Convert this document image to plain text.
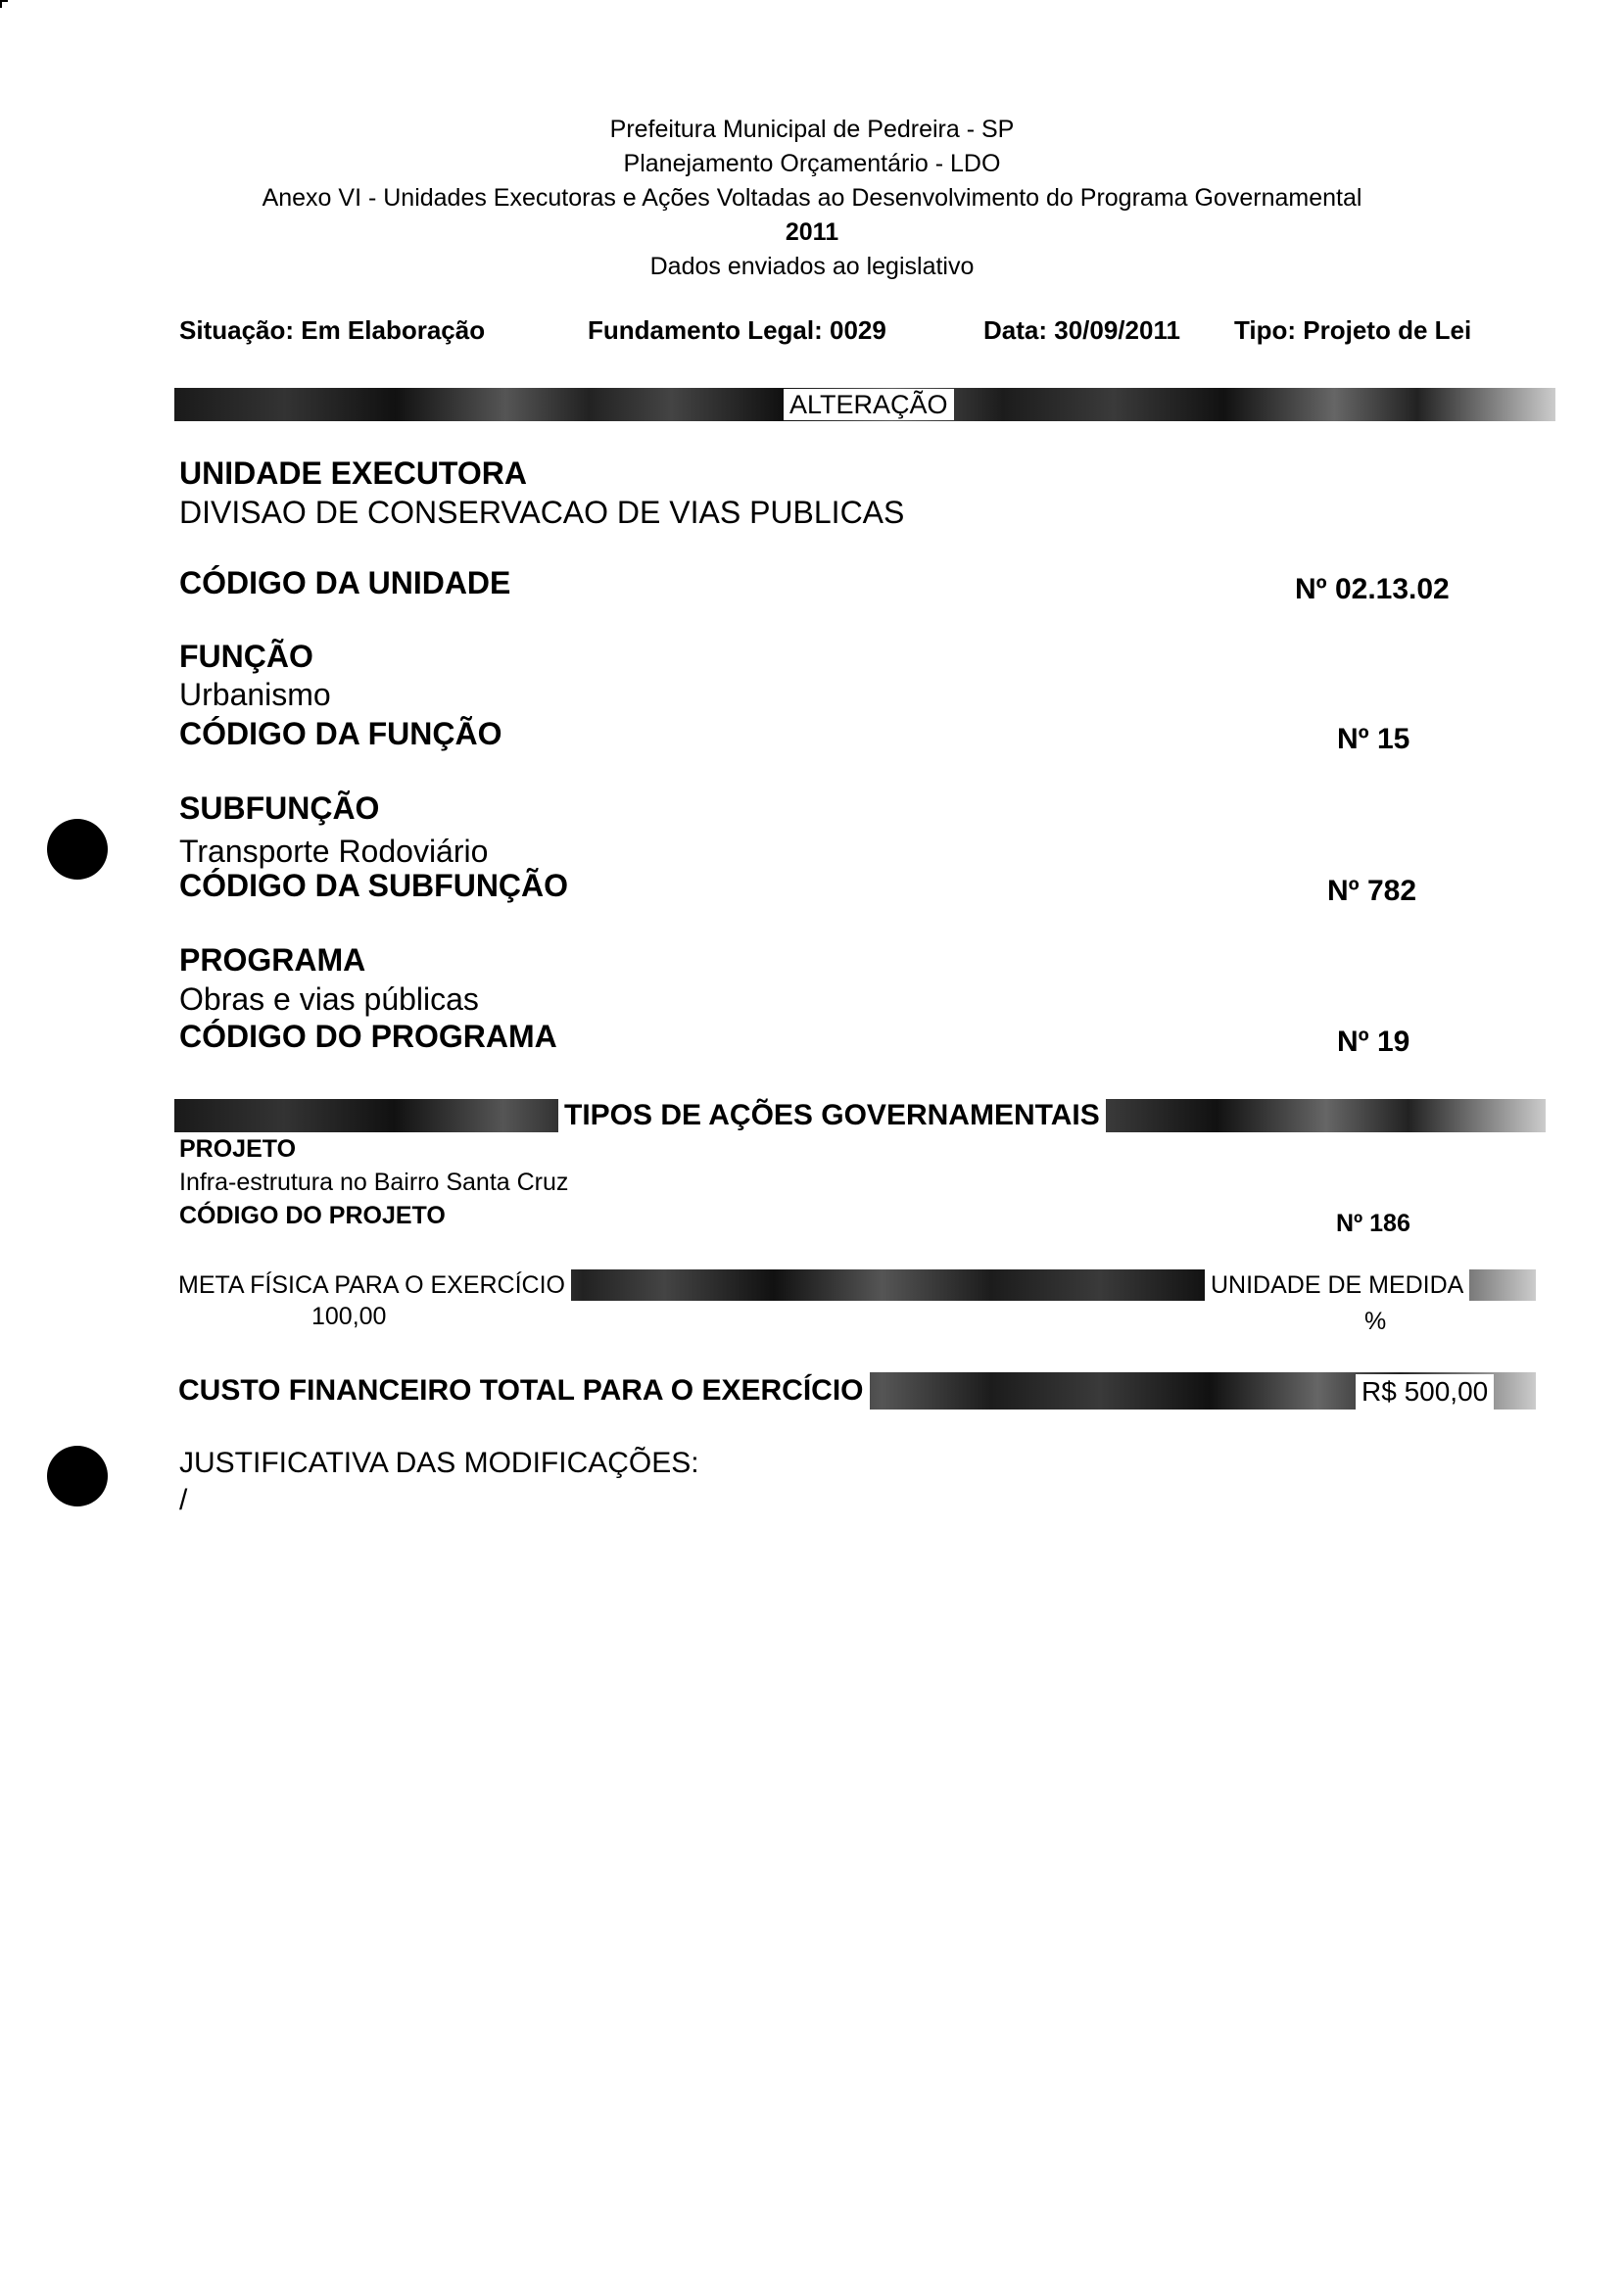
Prefeitura Municipal de Pedreira - SP
Planejamento Orçamentário - LDO
Anexo VI - Unidades Executoras e Ações Voltadas ao Desenvolvimento do Programa Governamental
2011
Dados enviados ao legislativo
Situação: Em Elaboração	Fundamento Legal: 0029	Data: 30/09/2011 Tipo: Projeto de Lei
ALTERAÇÃO
UNIDADE EXECUTORA
DIVISAO DE CONSERVACAO DE VIAS PUBLICAS
CÓDIGO DA UNIDADE	Nº 02.13.02
FUNÇÃO
Urbanismo
CÓDIGO DA FUNÇÃO	Nº 15
SUBFUNÇÃO
Transporte Rodoviário
CÓDIGO DA SUBFUNÇÃO	Nº 782
PROGRAMA
Obras e vias públicas
CÓDIGO DO PROGRAMA	Nº 19
TIPOS DE AÇÕES GOVERNAMENTAIS
PROJETO
Infra-estrutura no Bairro Santa Cruz
CÓDIGO DO PROJETO	Nº 186
META FÍSICA PARA O EXERCÍCIO	UNIDADE DE MEDIDA
100,00	%
CUSTO FINANCEIRO TOTAL PARA O EXERCÍCIO	R$ 500,00
JUSTIFICATIVA DAS MODIFICAÇÕES:
/
